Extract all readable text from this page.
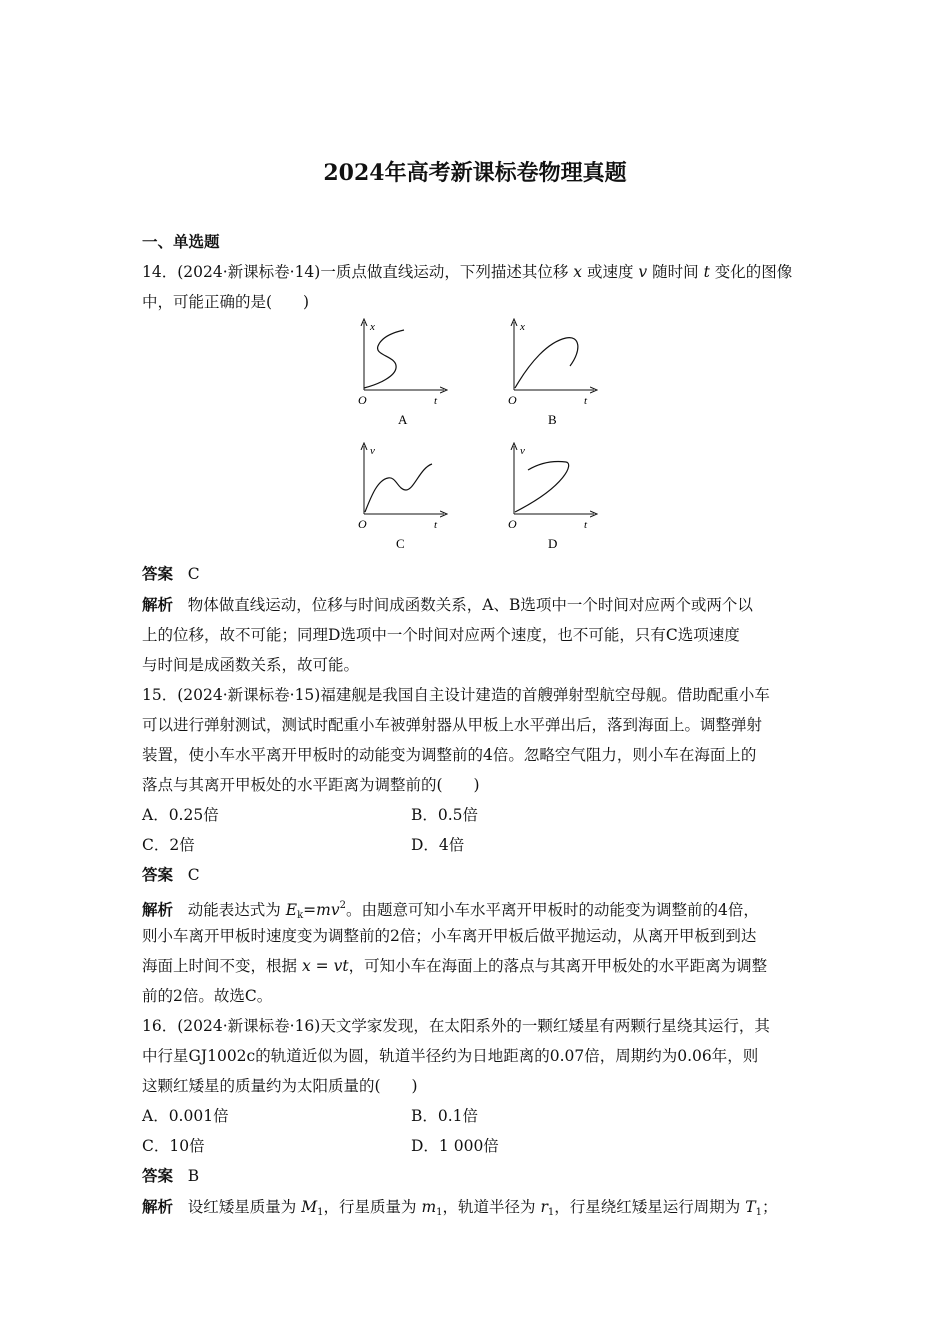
2024年高考新课标卷物理真题
一、单选题
14．(2024·新课标卷·14)一质点做直线运动，下列描述其位移 x 或速度 v 随时间 t 变化的图像
中，可能正确的是(　　)
x
O	t
A
x
O	t
B
v
O	t
C
v
O	t
D
答案 C
解析 物体做直线运动，位移与时间成函数关系，A、B选项中一个时间对应两个或两个以
上的位移，故不可能；同理D选项中一个时间对应两个速度，也不可能，只有C选项速度
与时间是成函数关系，故可能。
15．(2024·新课标卷·15)福建舰是我国自主设计建造的首艘弹射型航空母舰。借助配重小车
可以进行弹射测试，测试时配重小车被弹射器从甲板上水平弹出后，落到海面上。调整弹射
装置，使小车水平离开甲板时的动能变为调整前的4倍。忽略空气阻力，则小车在海面上的
落点与其离开甲板处的水平距离为调整前的(　　)
A．0.25倍	B．0.5倍
C．2倍	D．4倍
答案 C
解析 动能表达式为 $E_k=mv^2$。由题意可知小车水平离开甲板时的动能变为调整前的4倍，
则小车离开甲板时速度变为调整前的2倍；小车离开甲板后做平抛运动，从离开甲板到到达
海面上时间不变，根据 x = vt，可知小车在海面上的落点与其离开甲板处的水平距离为调整
前的2倍。故选C。
16．(2024·新课标卷·16)天文学家发现，在太阳系外的一颗红矮星有两颗行星绕其运行，其
中行星GJ1002c的轨道近似为圆，轨道半径约为日地距离的0.07倍，周期约为0.06年，则
这颗红矮星的质量约为太阳质量的(　　)
A．0.001倍	B．0.1倍
C．10倍	D．1 000倍
答案 B
解析 设红矮星质量为 $M_1$，行星质量为 $m_1$，轨道半径为 $r_1$，行星绕红矮星运行周期为 $T_1$；
